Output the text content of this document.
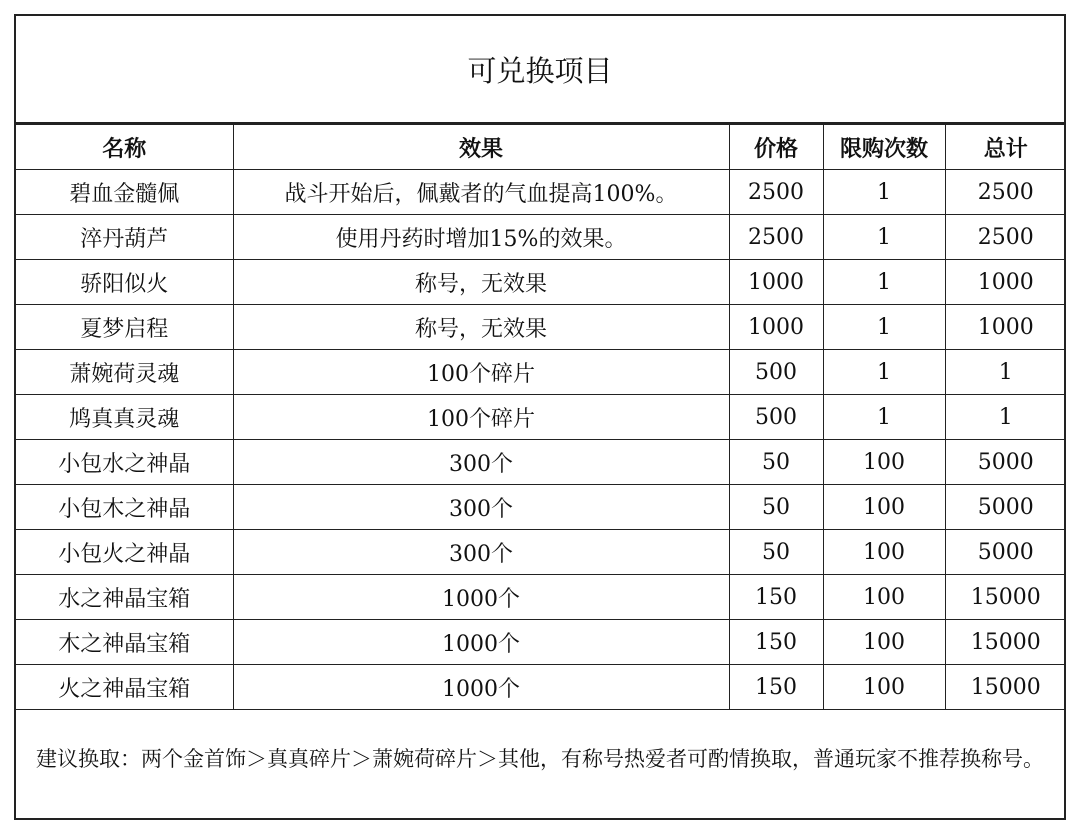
可兑换项目
名称	效果	价格	限购次数	总计
碧血金髓佩	战斗开始后，佩戴者的气血提高100%。	2500	1	2500
淬丹葫芦	使用丹药时增加15%的效果。	2500	1	2500
骄阳似火	称号，无效果	1000	1	1000
夏梦启程	称号，无效果	1000	1	1000
萧婉荷灵魂	100个碎片	500	1	1
鸠真真灵魂	100个碎片	500	1	1
小包水之神晶	300个	50	100	5000
小包木之神晶	300个	50	100	5000
小包火之神晶	300个	50	100	5000
水之神晶宝箱	1000个	150	100	15000
木之神晶宝箱	1000个	150	100	15000
火之神晶宝箱	1000个	150	100	15000
建议换取：两个金首饰＞真真碎片＞萧婉荷碎片＞其他，有称号热爱者可酌情换取，普通玩家不推荐换称号。
